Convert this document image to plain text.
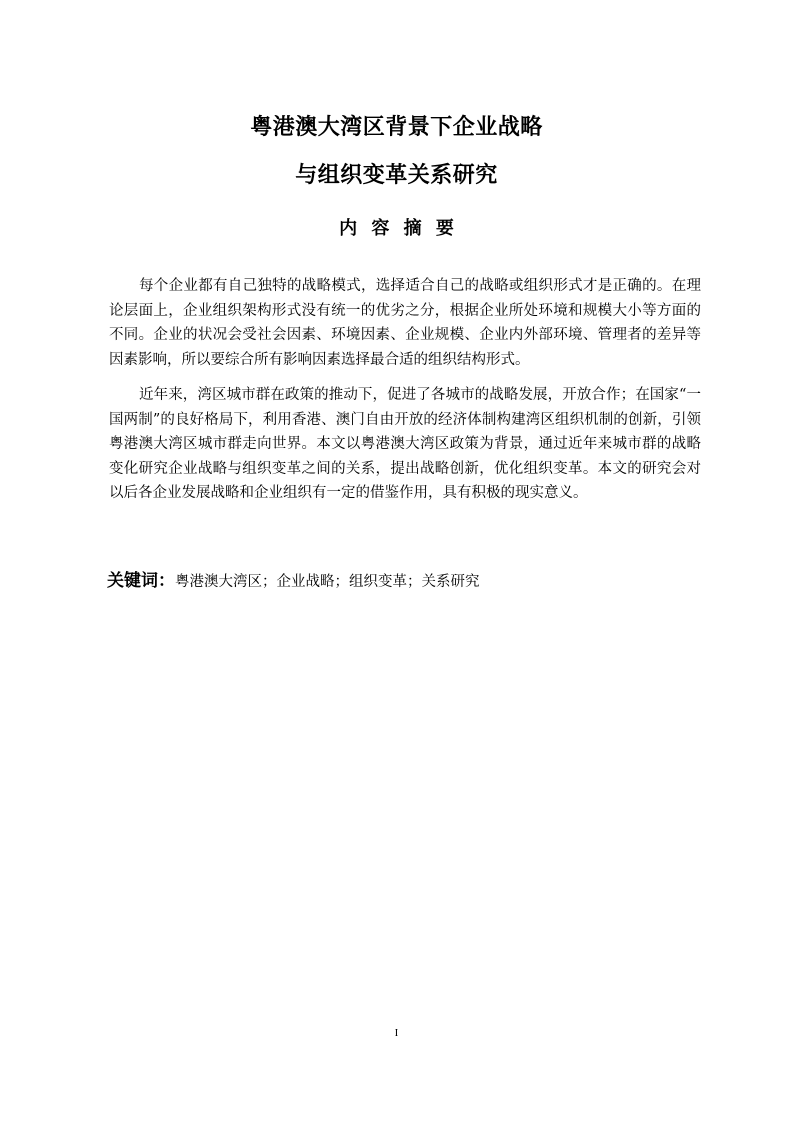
粤港澳大湾区背景下企业战略
与组织变革关系研究
内 容 摘 要

每个企业都有自己独特的战略模式，选择适合自己的战略或组织形式才是正确的。在理论层面上，企业组织架构形式没有统一的优劣之分，根据企业所处环境和规模大小等方面的不同。企业的状况会受社会因素、环境因素、企业规模、企业内外部环境、管理者的差异等因素影响，所以要综合所有影响因素选择最合适的组织结构形式。

近年来，湾区城市群在政策的推动下，促进了各城市的战略发展，开放合作；在国家“一国两制”的良好格局下，利用香港、澳门自由开放的经济体制构建湾区组织机制的创新，引领粤港澳大湾区城市群走向世界。本文以粤港澳大湾区政策为背景，通过近年来城市群的战略变化研究企业战略与组织变革之间的关系，提出战略创新，优化组织变革。本文的研究会对以后各企业发展战略和企业组织有一定的借鉴作用，具有积极的现实意义。

关键词：粤港澳大湾区；企业战略；组织变革；关系研究
I
